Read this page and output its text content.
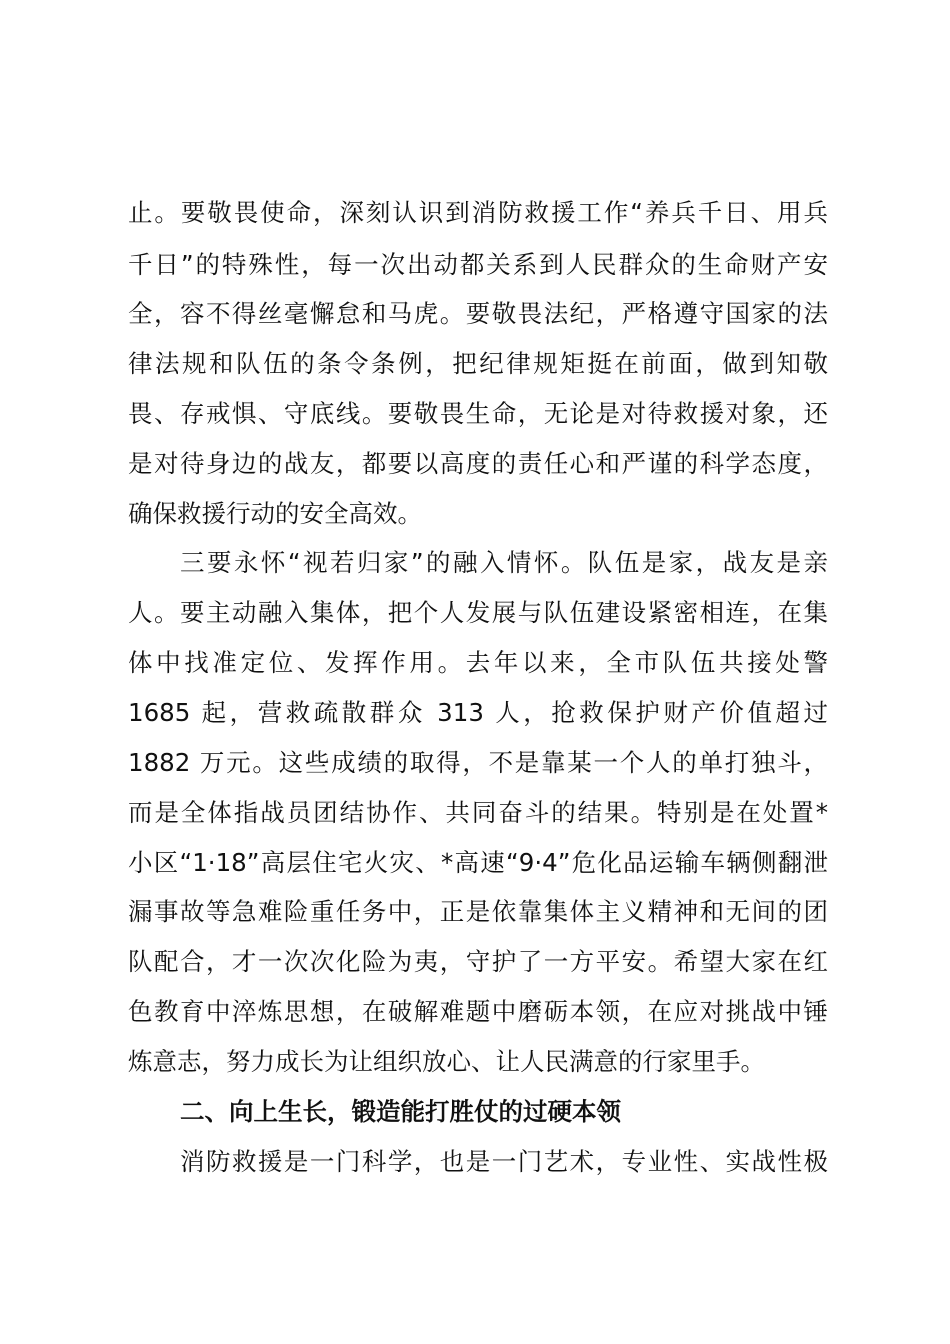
止。要敬畏使命，深刻认识到消防救援工作“养兵千日、用兵
千日”的特殊性，每一次出动都关系到人民群众的生命财产安
全，容不得丝毫懈怠和马虎。要敬畏法纪，严格遵守国家的法
律法规和队伍的条令条例，把纪律规矩挺在前面，做到知敬
畏、存戒惧、守底线。要敬畏生命，无论是对待救援对象，还
是对待身边的战友，都要以高度的责任心和严谨的科学态度，
确保救援行动的安全高效。
三要永怀“视若归家”的融入情怀。队伍是家，战友是亲
人。要主动融入集体，把个人发展与队伍建设紧密相连，在集
体中找准定位、发挥作用。去年以来，全市队伍共接处警
1685 起，营救疏散群众 313 人，抢救保护财产价值超过
1882 万元。这些成绩的取得，不是靠某一个人的单打独斗，
而是全体指战员团结协作、共同奋斗的结果。特别是在处置*
小区“1·18”高层住宅火灾、*高速“9·4”危化品运输车辆侧翻泄
漏事故等急难险重任务中，正是依靠集体主义精神和无间的团
队配合，才一次次化险为夷，守护了一方平安。希望大家在红
色教育中淬炼思想，在破解难题中磨砺本领，在应对挑战中锤
炼意志，努力成长为让组织放心、让人民满意的行家里手。
二、向上生长，锻造能打胜仗的过硬本领
消防救援是一门科学，也是一门艺术，专业性、实战性极
